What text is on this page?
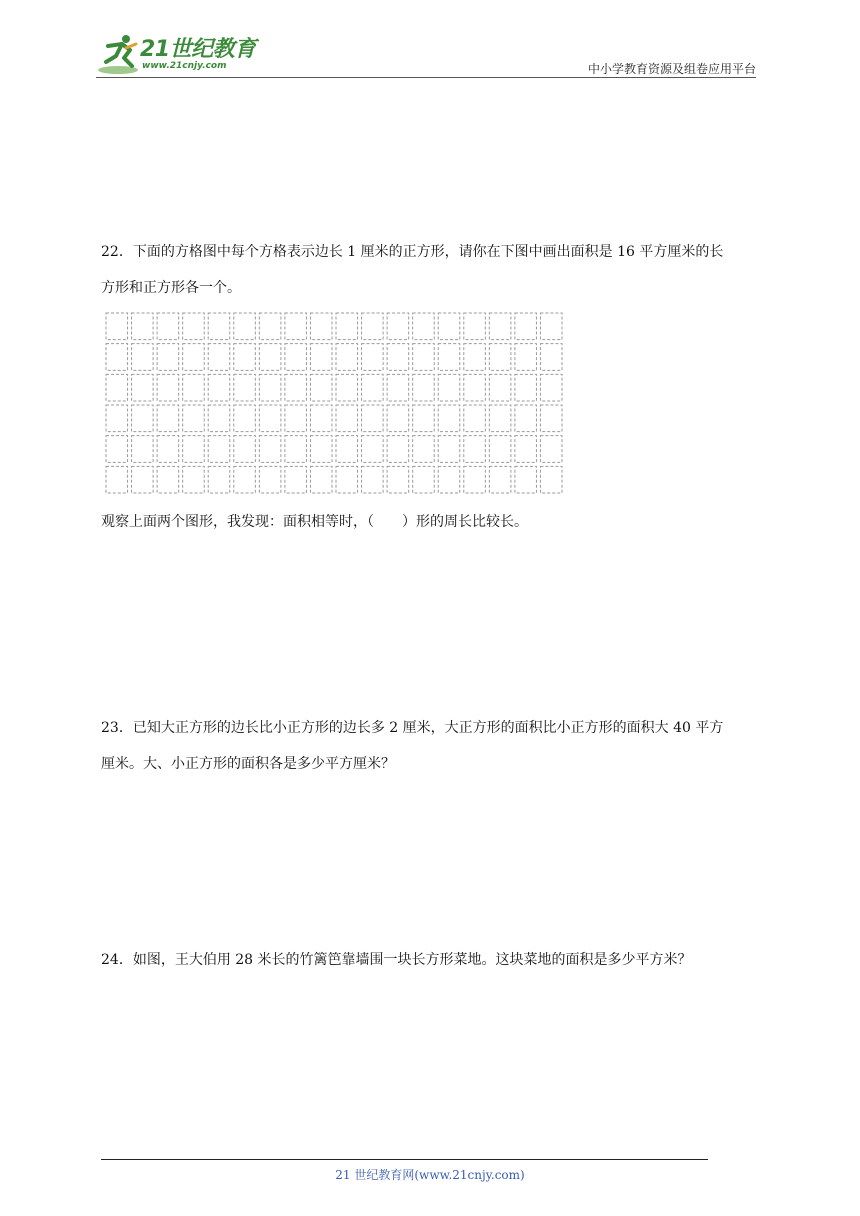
21世纪教育
www.21cnjy.com	中小学教育资源及组卷应用平台

22．下面的方格图中每个方格表示边长 1 厘米的正方形，请你在下图中画出面积是 16 平方厘米的长

方形和正方形各一个。

观察上面两个图形，我发现：面积相等时，（　　）形的周长比较长。

23．已知大正方形的边长比小正方形的边长多 2 厘米，大正方形的面积比小正方形的面积大 40 平方

厘米。大、小正方形的面积各是多少平方厘米？

24．如图，王大伯用 28 米长的竹篱笆靠墙围一块长方形菜地。这块菜地的面积是多少平方米？

21 世纪教育网(www.21cnjy.com)
